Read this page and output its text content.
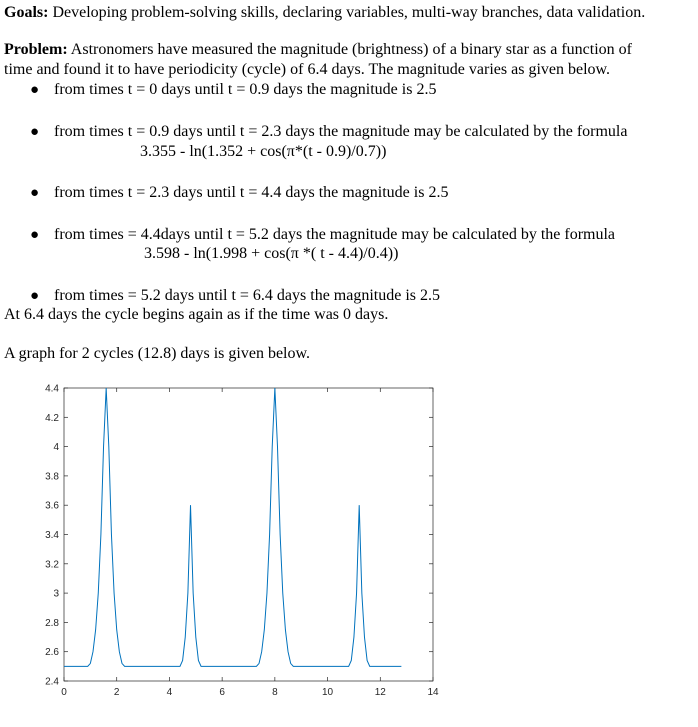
Goals: Developing problem-solving skills, declaring variables, multi-way branches, data validation.
Problem: Astronomers have measured the magnitude (brightness) of a binary star as a function of
time and found it to have periodicity (cycle) of 6.4 days. The magnitude varies as given below.
● from times t = 0 days until t = 0.9 days the magnitude is 2.5
● from times t = 0.9 days until t = 2.3 days the magnitude may be calculated by the formula
3.355 - ln(1.352 + cos(π*(t - 0.9)/0.7))
● from times t = 2.3 days until t = 4.4 days the magnitude is 2.5
● from times = 4.4days until t = 5.2 days the magnitude may be calculated by the formula
3.598 - ln(1.998 + cos(π *( t - 4.4)/0.4))
● from times = 5.2 days until t = 6.4 days the magnitude is 2.5
At 6.4 days the cycle begins again as if the time was 0 days.
A graph for 2 cycles (12.8) days is given below.
2.4
2.6
2.8
3
3.2
3.4
3.6
3.8
4
4.2
4.4
0	2	4	6	8	10	12	14
